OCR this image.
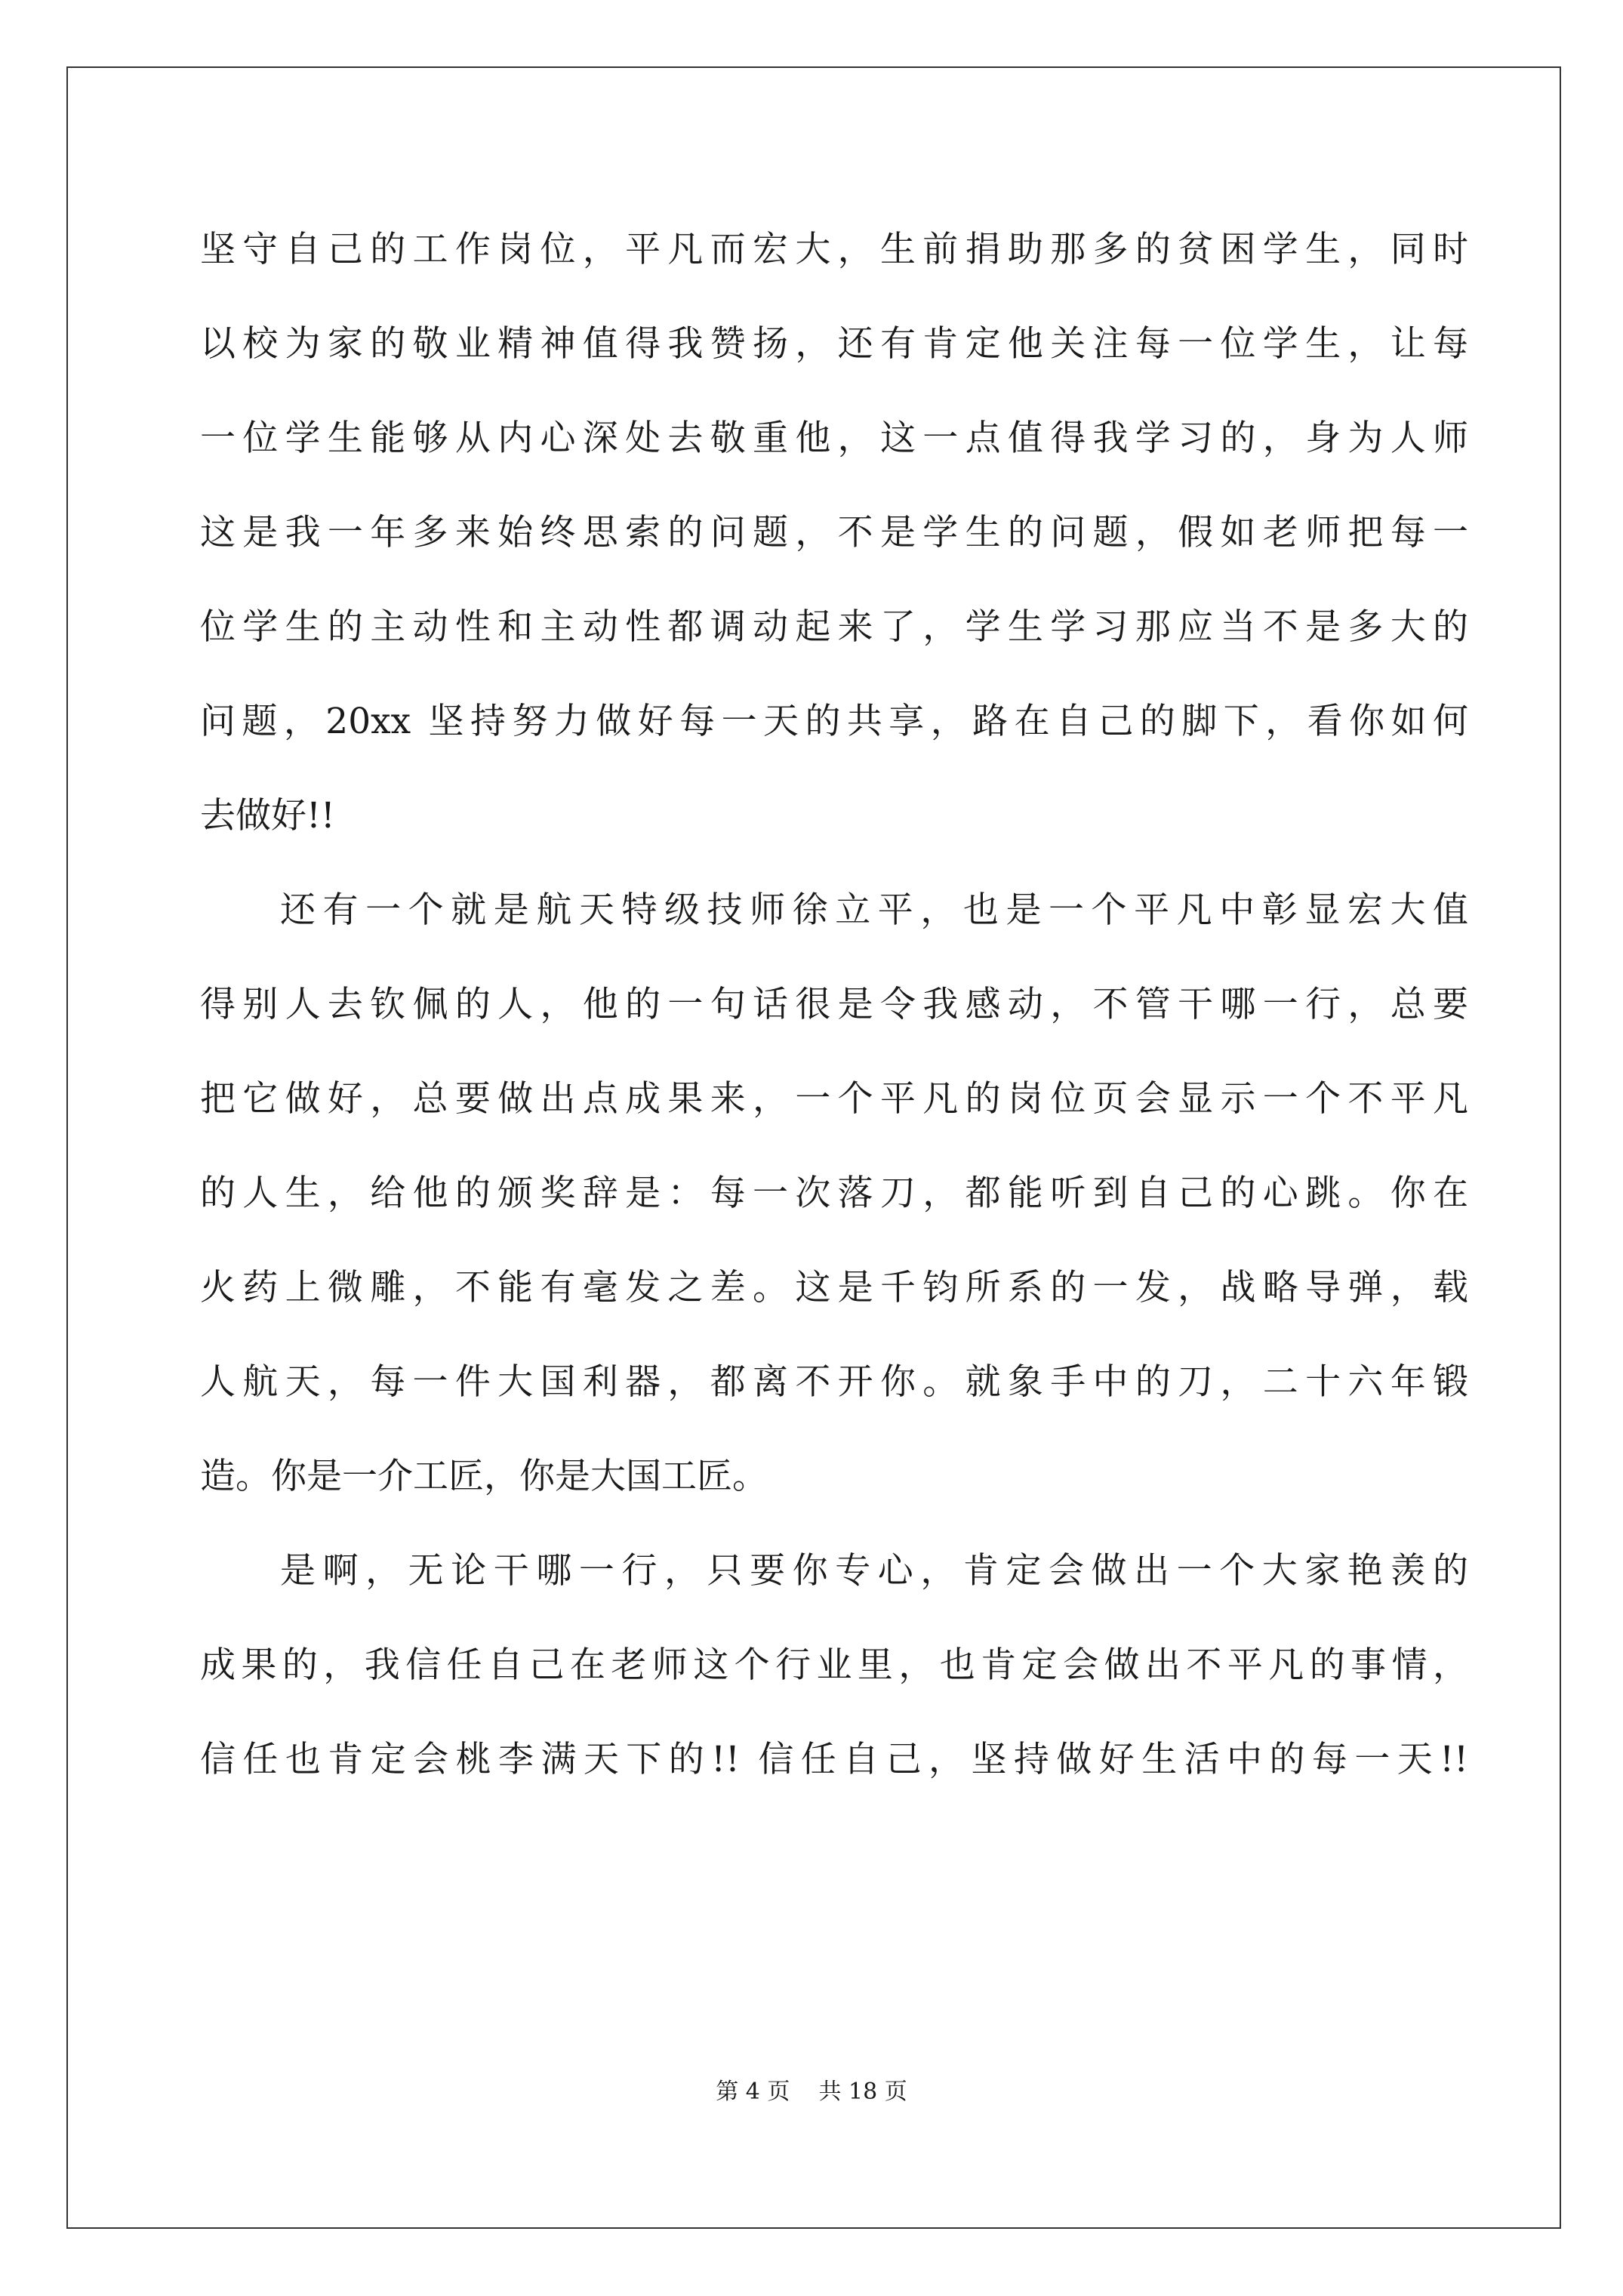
坚守自己的工作岗位，平凡而宏大，生前捐助那多的贫困学生，同时
以校为家的敬业精神值得我赞扬，还有肯定他关注每一位学生，让每
一位学生能够从内心深处去敬重他，这一点值得我学习的，身为人师
这是我一年多来始终思索的问题，不是学生的问题，假如老师把每一
位学生的主动性和主动性都调动起来了，学生学习那应当不是多大的
问题，20xx 坚持努力做好每一天的共享，路在自己的脚下，看你如何
去做好!!
还有一个就是航天特级技师徐立平，也是一个平凡中彰显宏大值
得别人去钦佩的人，他的一句话很是令我感动，不管干哪一行，总要
把它做好，总要做出点成果来，一个平凡的岗位页会显示一个不平凡
的人生，给他的颁奖辞是：每一次落刀，都能听到自己的心跳。你在
火药上微雕，不能有毫发之差。这是千钧所系的一发，战略导弹，载
人航天，每一件大国利器，都离不开你。就象手中的刀，二十六年锻
造。你是一介工匠，你是大国工匠。
是啊，无论干哪一行，只要你专心，肯定会做出一个大家艳羡的
成果的，我信任自己在老师这个行业里，也肯定会做出不平凡的事情，
信任也肯定会桃李满天下的!! 信任自己，坚持做好生活中的每一天!!
第 4 页    共 18 页
